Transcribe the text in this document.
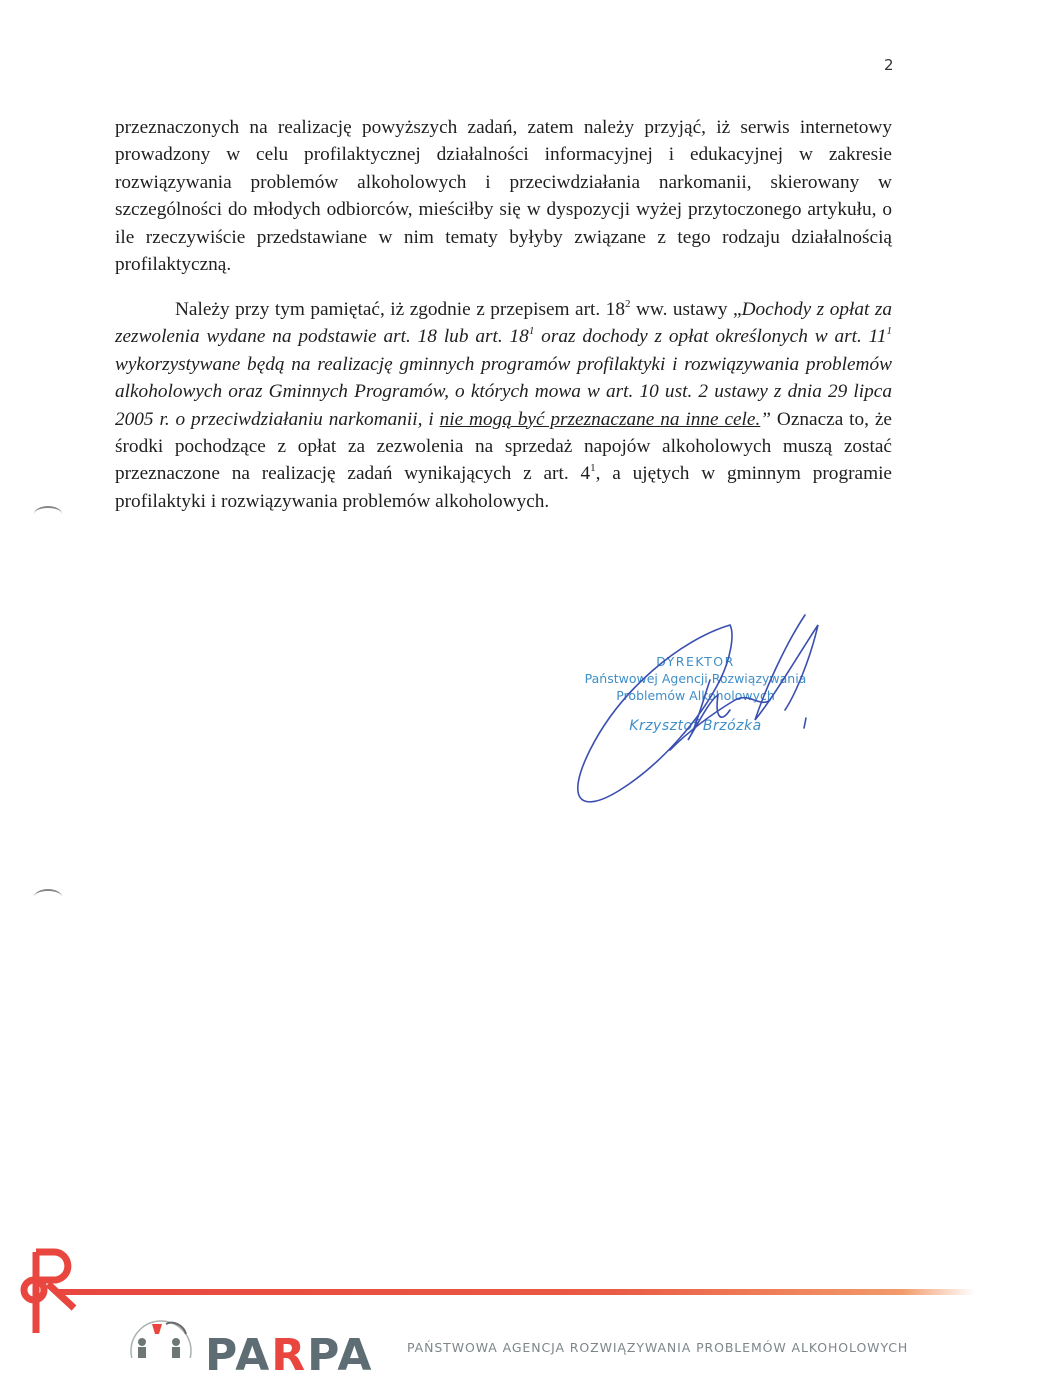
2

przeznaczonych na realizację powyższych zadań, zatem należy przyjąć, iż serwis internetowy prowadzony w celu profilaktycznej działalności informacyjnej i edukacyjnej w zakresie rozwiązywania problemów alkoholowych i przeciwdziałania narkomanii, skierowany w szczególności do młodych odbiorców, mieściłby się w dyspozycji wyżej przytoczonego artykułu, o ile rzeczywiście przedstawiane w nim tematy byłyby związane z tego rodzaju działalnością profilaktyczną.

Należy przy tym pamiętać, iż zgodnie z przepisem art. $18^2$ ww. ustawy „Dochody z opłat za zezwolenia wydane na podstawie art. 18 lub art. $18^1$ oraz dochody z opłat określonych w art. $11^1$ wykorzystywane będą na realizację gminnych programów profilaktyki i rozwiązywania problemów alkoholowych oraz Gminnych Programów, o których mowa w art. 10 ust. 2 ustawy z dnia 29 lipca 2005 r. o przeciwdziałaniu narkomanii, i nie mogą być przeznaczane na inne cele.” Oznacza to, że środki pochodzące z opłat za zezwolenia na sprzedaż napojów alkoholowych muszą zostać przeznaczone na realizację zadań wynikających z art. $4^1$, a ujętych w gminnym programie profilaktyki i rozwiązywania problemów alkoholowych.

DYREKTOR
Państwowej Agencji Rozwiązywania
Problemów Alkoholowych
Krzysztof Brzózka
PARPA	PAŃSTWOWA AGENCJA ROZWIĄZYWANIA PROBLEMÓW ALKOHOLOWYCH
